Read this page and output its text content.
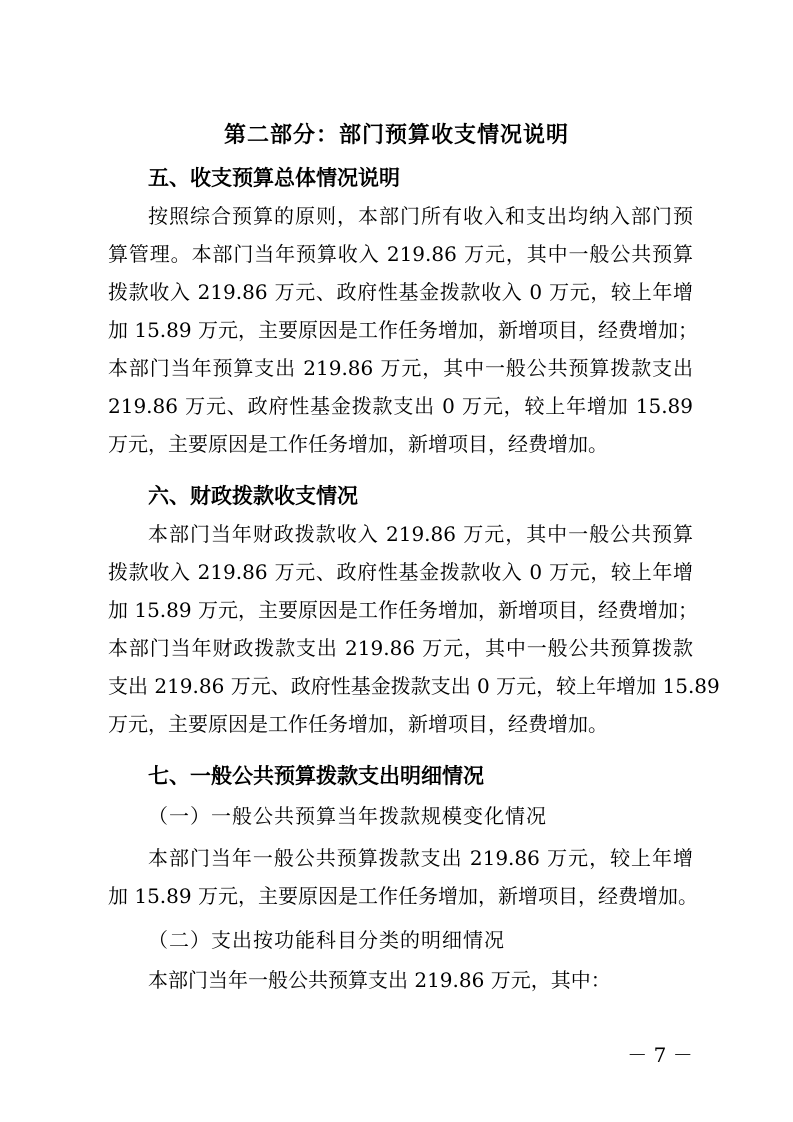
第二部分：部门预算收支情况说明
五、收支预算总体情况说明
按照综合预算的原则，本部门所有收入和支出均纳入部门预
算管理。本部门当年预算收入 219.86 万元，其中一般公共预算
拨款收入 219.86 万元、政府性基金拨款收入 0 万元，较上年增
加 15.89 万元，主要原因是工作任务增加，新增项目，经费增加；
本部门当年预算支出 219.86 万元，其中一般公共预算拨款支出
219.86 万元、政府性基金拨款支出 0 万元，较上年增加 15.89
万元，主要原因是工作任务增加，新增项目，经费增加。
六、财政拨款收支情况
本部门当年财政拨款收入 219.86 万元，其中一般公共预算
拨款收入 219.86 万元、政府性基金拨款收入 0 万元，较上年增
加 15.89 万元，主要原因是工作任务增加，新增项目，经费增加；
本部门当年财政拨款支出 219.86 万元，其中一般公共预算拨款
支出 219.86 万元、政府性基金拨款支出 0 万元，较上年增加 15.89
万元，主要原因是工作任务增加，新增项目，经费增加。
七、一般公共预算拨款支出明细情况
（一）一般公共预算当年拨款规模变化情况
本部门当年一般公共预算拨款支出 219.86 万元，较上年增
加 15.89 万元，主要原因是工作任务增加，新增项目，经费增加。
（二）支出按功能科目分类的明细情况
本部门当年一般公共预算支出 219.86 万元，其中：
－ 7 －
